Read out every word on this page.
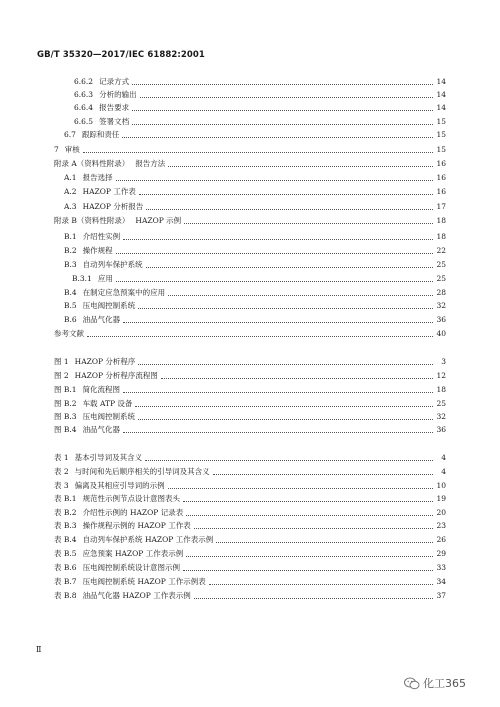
GB/T 35320—2017/IEC 61882:2001
6.6.2 记录方式	14
6.6.3 分析的输出	14
6.6.4 报告要求	14
6.6.5 签署文档	15
6.7 跟踪和责任	15
7 审核	15
附录 A（资料性附录） 报告方法	16
A.1 报告选择	16
A.2 HAZOP 工作表	16
A.3 HAZOP 分析报告	17
附录 B（资料性附录） HAZOP 示例	18
B.1 介绍性实例	18
B.2 操作规程	22
B.3 自动列车保护系统	25
B.3.1 应用	25
B.4 在制定应急预案中的应用	28
B.5 压电阀控制系统	32
B.6 油品气化器	36
参考文献	40
图 1 HAZOP 分析程序	3
图 2 HAZOP 分析程序流程图	12
图 B.1 简化流程图	18
图 B.2 车载 ATP 设备	25
图 B.3 压电阀控制系统	32
图 B.4 油品气化器	36
表 1 基本引导词及其含义	4
表 2 与时间和先后顺序相关的引导词及其含义	4
表 3 偏离及其相应引导词的示例	10
表 B.1 规范性示例节点设计意图表头	19
表 B.2 介绍性示例的 HAZOP 记录表	20
表 B.3 操作规程示例的 HAZOP 工作表	23
表 B.4 自动列车保护系统 HAZOP 工作表示例	26
表 B.5 应急预案 HAZOP 工作表示例	29
表 B.6 压电阀控制系统设计意图示例	33
表 B.7 压电阀控制系统 HAZOP 工作示例表	34
表 B.8 油品气化器 HAZOP 工作表示例	37
Ⅱ
化工365
